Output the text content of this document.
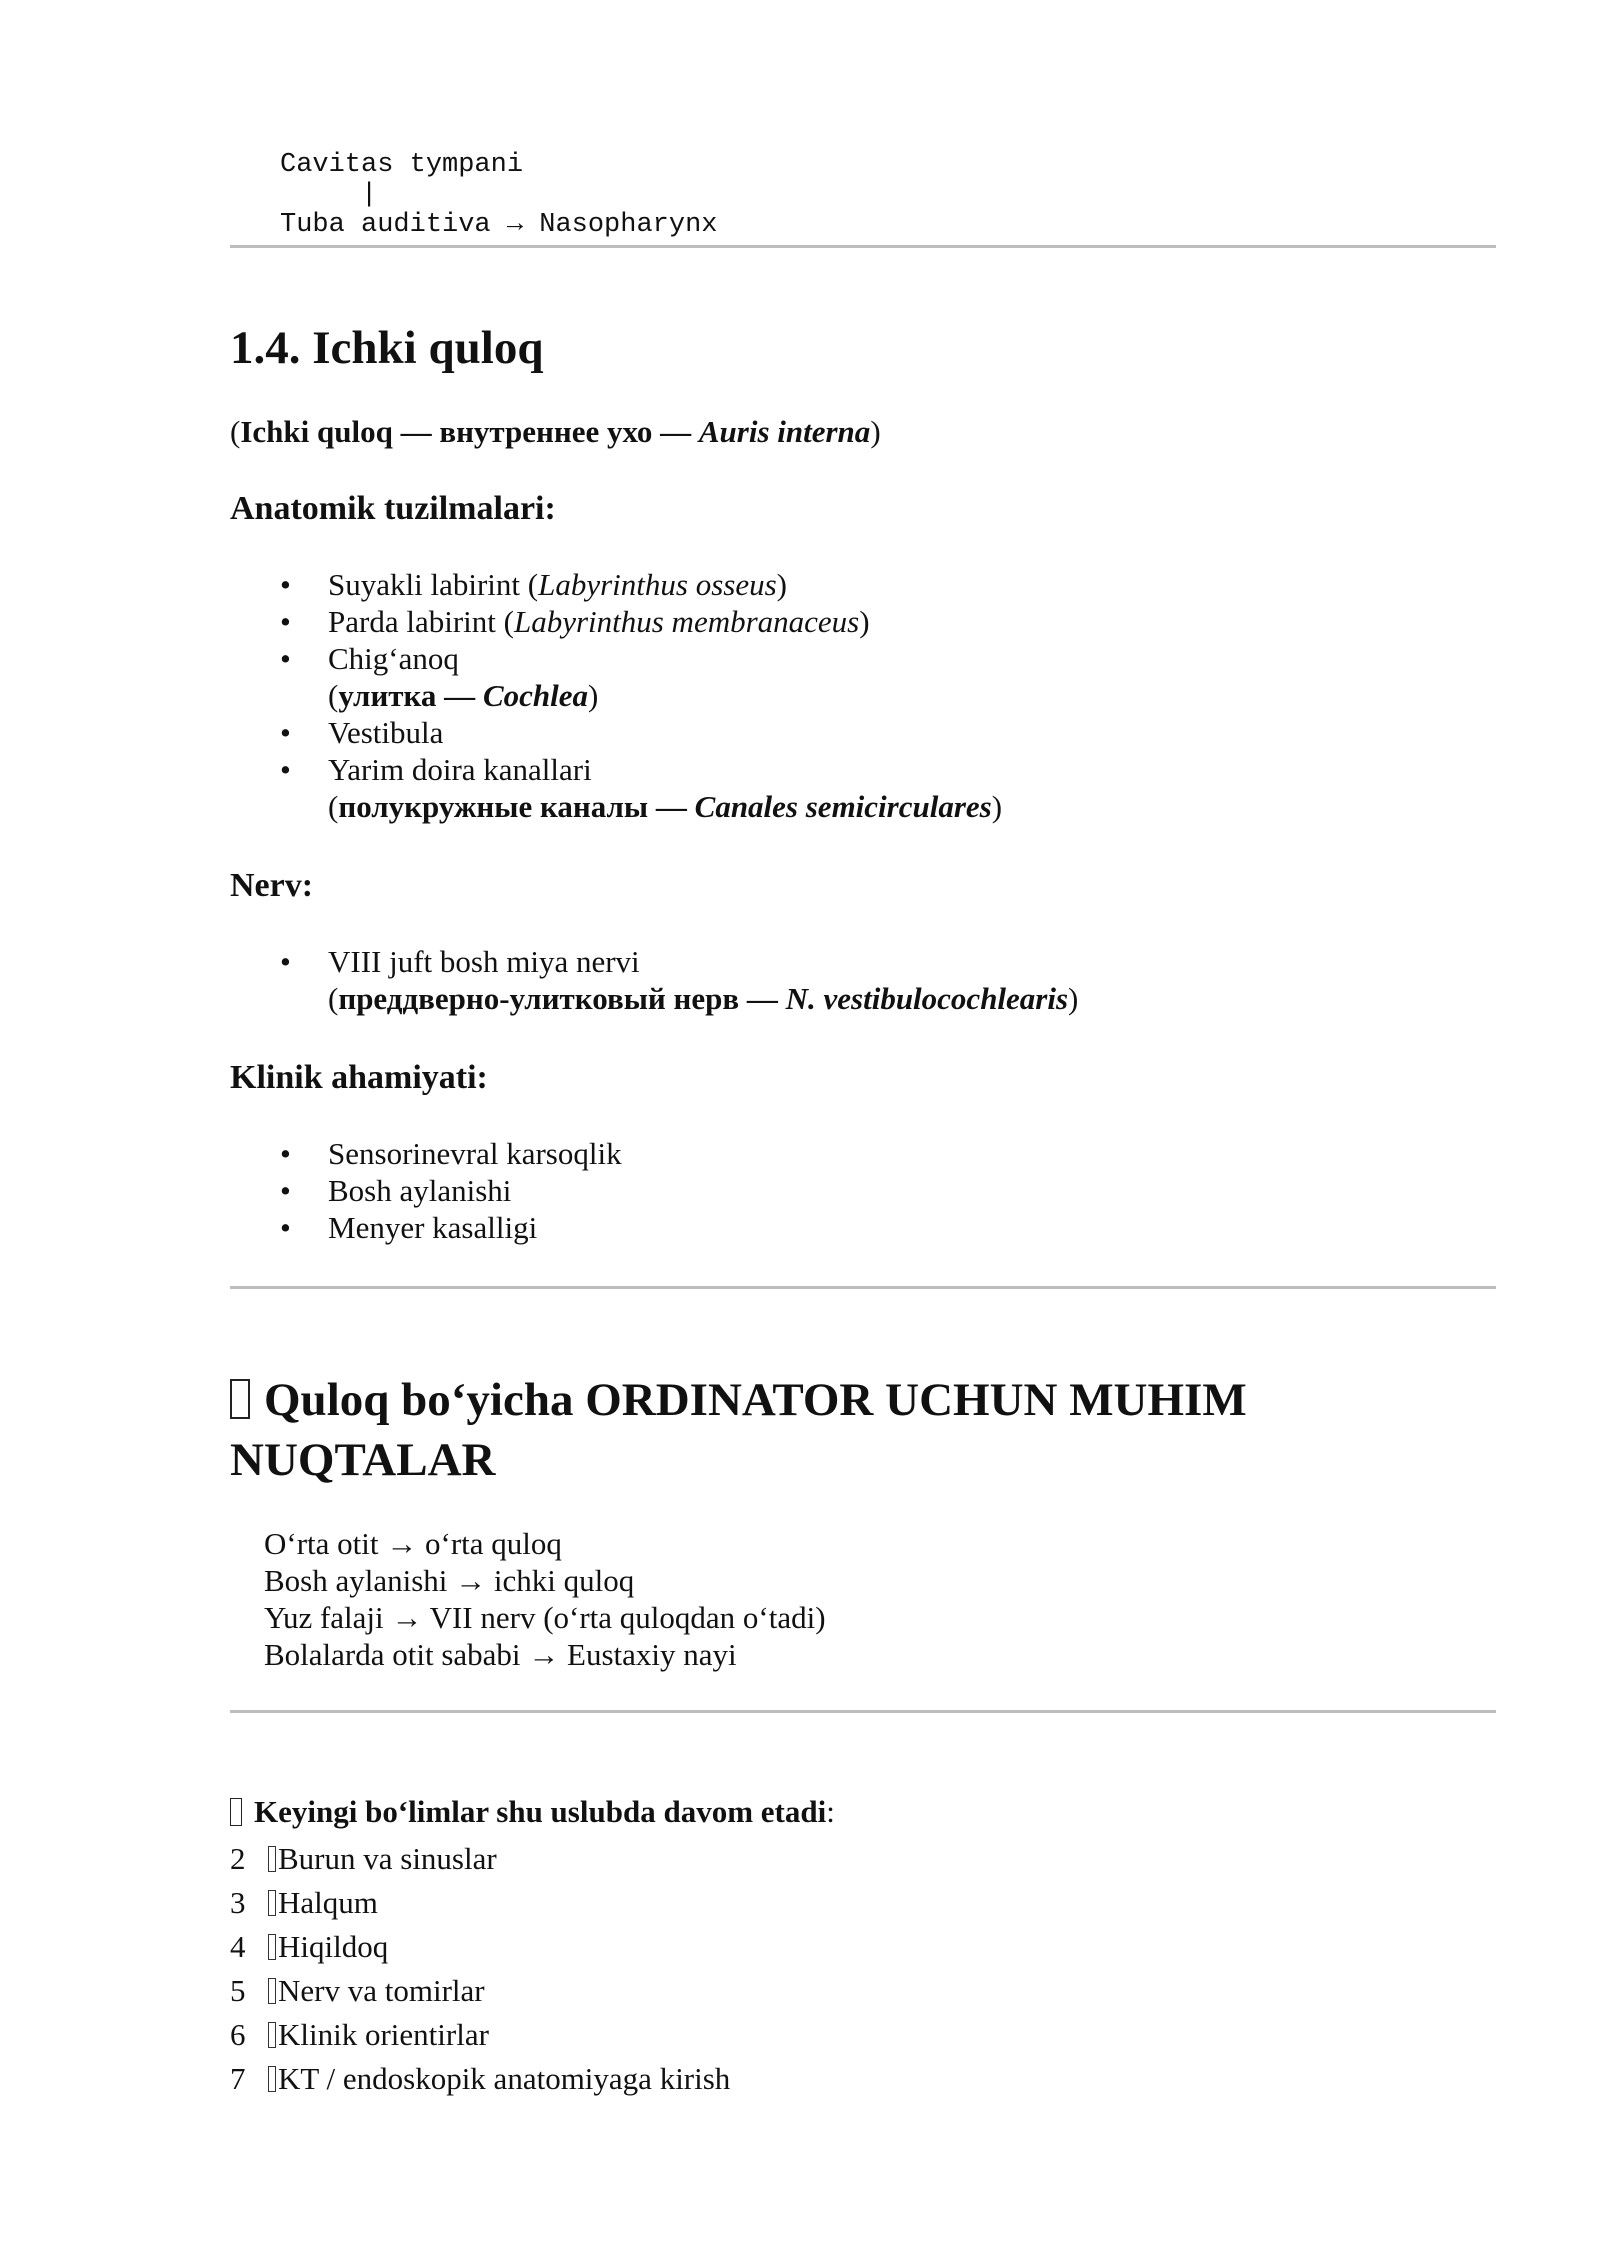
Cavitas tympani
|
Tuba auditiva → Nasopharynx
1.4. Ichki quloq
(Ichki quloq — внутреннее ухо — Auris interna)
Anatomik tuzilmalari:
• Suyakli labirint (Labyrinthus osseus)
• Parda labirint (Labyrinthus membranaceus)
• Chig‘anoq
(улитка — Cochlea)
• Vestibula
• Yarim doira kanallari
(полукружные каналы — Canales semicirculares)
Nerv:
• VIII juft bosh miya nervi
(преддверно-улитковый нерв — N. vestibulocochlearis)
Klinik ahamiyati:
• Sensorinevral karsoqlik
• Bosh aylanishi
• Menyer kasalligi
Quloq bo‘yicha ORDINATOR UCHUN MUHIM NUQTALAR
O‘rta otit → o‘rta quloq
Bosh aylanishi → ichki quloq
Yuz falaji → VII nerv (o‘rta quloqdan o‘tadi)
Bolalarda otit sababi → Eustaxiy nayi
Keyingi bo‘limlar shu uslubda davom etadi:
2 Burun va sinuslar
3 Halqum
4 Hiqildoq
5 Nerv va tomirlar
6 Klinik orientirlar
7 KT / endoskopik anatomiyaga kirish
